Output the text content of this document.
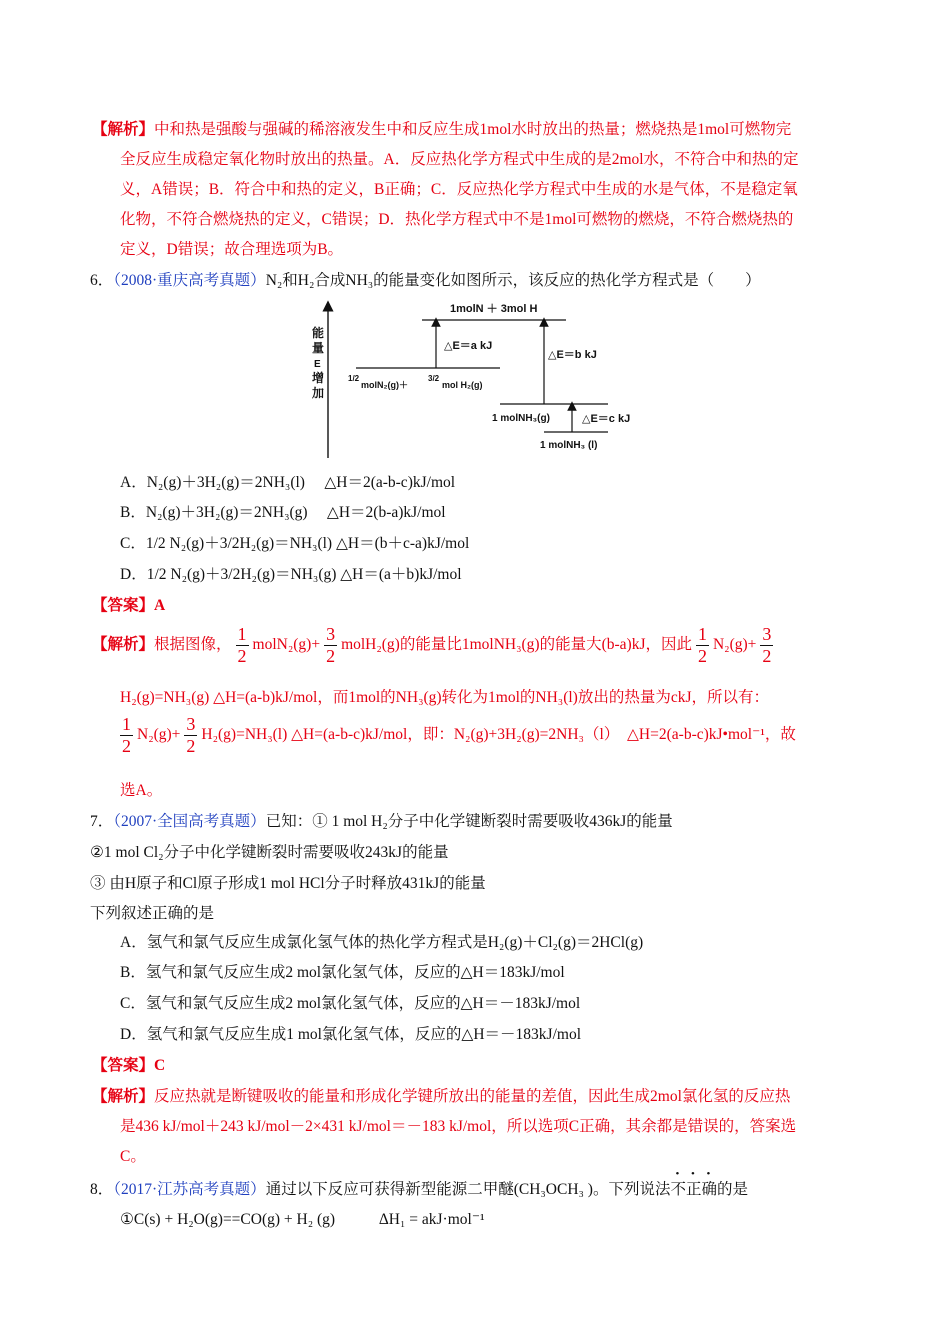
【解析】中和热是强酸与强碱的稀溶液发生中和反应生成1mol水时放出的热量；燃烧热是1mol可燃物完
全反应生成稳定氧化物时放出的热量。A．反应热化学方程式中生成的是2mol水，不符合中和热的定
义，A错误；B．符合中和热的定义，B正确；C．反应热化学方程式中生成的水是气体，不是稳定氧
化物，不符合燃烧热的定义，C错误；D．热化学方程式中不是1mol可燃物的燃烧，不符合燃烧热的
定义，D错误；故合理选项为B。
6．（2008·重庆高考真题）N₂和H₂合成NH₃的能量变化如图所示，该反应的热化学方程式是（　　）
能
量
E
增
加
1molN ＋ 3mol H
1/2
molN₂(g)＋
3/2
mol H₂(g)
△E＝a kJ
△E＝b kJ
1 molNH₃(g)	△E＝c kJ
1 molNH₃ (l)
A．N₂(g)＋3H₂(g)＝2NH₃(l)　 △H＝2(a-b-c)kJ/mol
B．N₂(g)＋3H₂(g)＝2NH₃(g)　 △H＝2(b-a)kJ/mol
C．1/2 N₂(g)＋3/2H₂(g)＝NH₃(l) △H＝(b＋c-a)kJ/mol
D．1/2 N₂(g)＋3/2H₂(g)＝NH₃(g) △H＝(a＋b)kJ/mol
【答案】A
【解析】根据图像， $\frac{1}{2}$ molN₂(g)+ $\frac{3}{2}$ molH₂(g)的能量比1molNH₃(g)的能量大(b-a)kJ，因此 $\frac{1}{2} N_2(g)+ \frac{3}{2}$
H₂(g)=NH₃(g) △H=(a-b)kJ/mol，而1mol的NH₃(g)转化为1mol的NH₃(l)放出的热量为ckJ，所以有：
$\frac{1}{2} N_2(g)+ \frac{3}{2} H_2(g)=NH_3(l)$ △H=(a-b-c)kJ/mol，即：N₂(g)+3H₂(g)=2NH₃（l）　△H=2(a-b-c)kJ•mol⁻¹，故
选A。
7．（2007·全国高考真题）已知：① 1 mol H₂分子中化学键断裂时需要吸收436kJ的能量
②1 mol Cl₂分子中化学键断裂时需要吸收243kJ的能量
③ 由H原子和Cl原子形成1 mol HCl分子时释放431kJ的能量
下列叙述正确的是
A．氢气和氯气反应生成氯化氢气体的热化学方程式是H₂(g)＋Cl₂(g)＝2HCl(g)
B．氢气和氯气反应生成2 mol氯化氢气体，反应的△H＝183kJ/mol
C．氢气和氯气反应生成2 mol氯化氢气体，反应的△H＝－183kJ/mol
D．氢气和氯气反应生成1 mol氯化氢气体，反应的△H＝－183kJ/mol
【答案】C
【解析】反应热就是断键吸收的能量和形成化学键所放出的能量的差值，因此生成2mol氯化氢的反应热
是436 kJ/mol＋243 kJ/mol－2×431 kJ/mol＝－183 kJ/mol，所以选项C正确，其余都是错误的，答案选
C。
8．（2017·江苏高考真题）通过以下反应可获得新型能源二甲醚(CH₃OCH₃ )。下列说法不正确的是
①C(s) + H₂O(g)==CO(g) + H₂ (g)	ΔH₁ = akJ·mol⁻¹
